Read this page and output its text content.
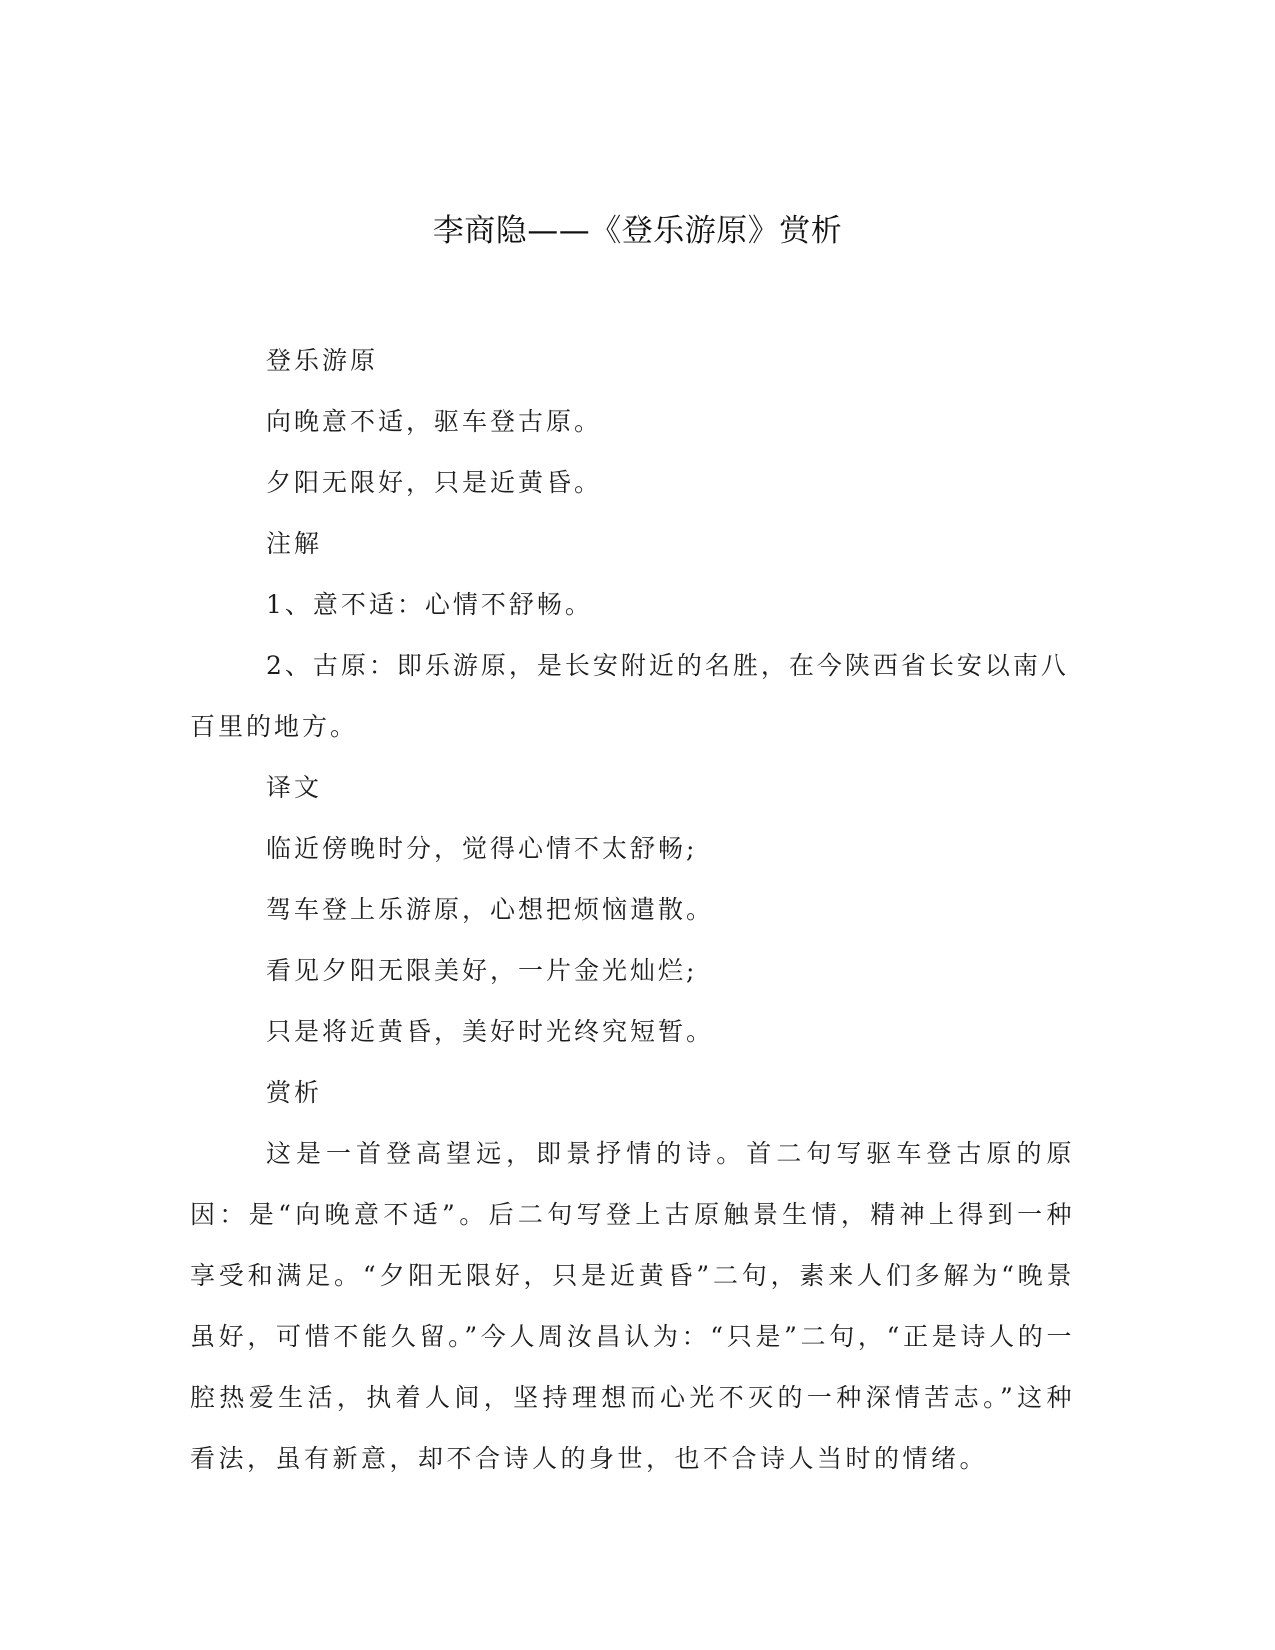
李商隐——《登乐游原》赏析

登乐游原

向晚意不适，驱车登古原。

夕阳无限好，只是近黄昏。

注解

1、意不适：心情不舒畅。

2、古原：即乐游原，是长安附近的名胜，在今陕西省长安以南八百里的地方。

译文

临近傍晚时分，觉得心情不太舒畅;

驾车登上乐游原，心想把烦恼遣散。

看见夕阳无限美好，一片金光灿烂;

只是将近黄昏，美好时光终究短暂。

赏析

这是一首登高望远，即景抒情的诗。首二句写驱车登古原的原因：是“向晚意不适”。后二句写登上古原触景生情，精神上得到一种享受和满足。“夕阳无限好，只是近黄昏”二句，素来人们多解为“晚景虽好，可惜不能久留。”今人周汝昌认为：“只是”二句，“正是诗人的一腔热爱生活，执着人间，坚持理想而心光不灭的一种深情苦志。”这种看法，虽有新意，却不合诗人的身世，也不合诗人当时的情绪。
